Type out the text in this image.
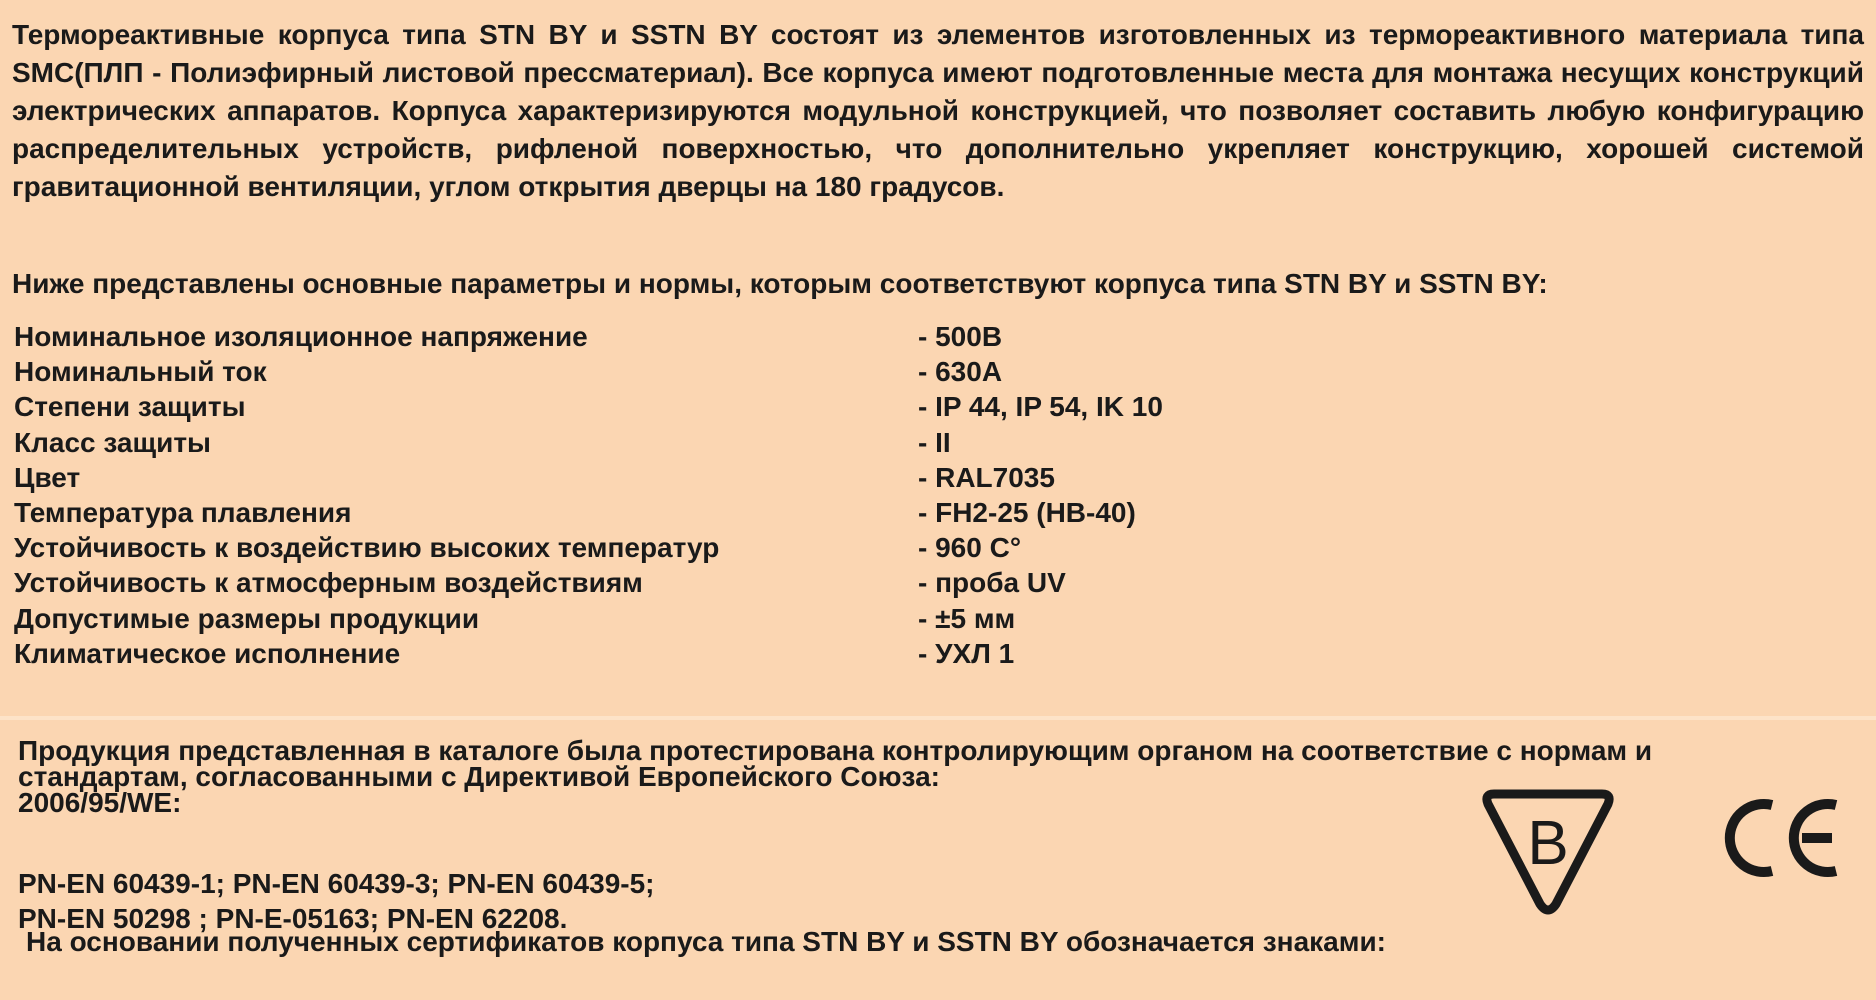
Термореактивные корпуса типа STN BY и SSTN BY состоят из элементов изготовленных из термореактивного материала типа SMC(ПЛП - Полиэфирный листовой прессматериал). Все корпуса имеют подготовленные места для монтажа несущих конструкций электрических аппаратов. Корпуса характеризируются модульной конструкцией, что позволяет составить любую конфигурацию распределительных устройств, рифленой поверхностью, что дополнительно укрепляет конструкцию, хорошей системой гравитационной вентиляции, углом открытия дверцы на 180 градусов.

Ниже представлены основные параметры и нормы, которым соответствуют корпуса типа STN BY и SSTN BY:
Номинальное изоляционное напряжение	- 500В
Номинальный ток	- 630А
Степени защиты	- IP 44, IP 54, IK 10
Класс защиты	- II
Цвет	- RAL7035
Температура плавления	- FH2-25 (HB-40)
Устойчивость к воздействию высоких температур	- 960 C°
Устойчивость к атмосферным воздействиям	- проба UV
Допустимые размеры продукции	- ±5 мм
Климатическое исполнение	- УХЛ 1
Продукция представленная в каталоге была протестирована контролирующим органом на соответствие с нормам и
стандартам, согласованными с Директивой Европейского Союза:
2006/95/WE:
PN-EN 60439-1; PN-EN 60439-3; PN-EN 60439-5;
PN-EN 50298 ; PN-E-05163; PN-EN 62208.
На основании полученных сертификатов корпуса типа STN BY и SSTN BY обозначается знаками:
B
